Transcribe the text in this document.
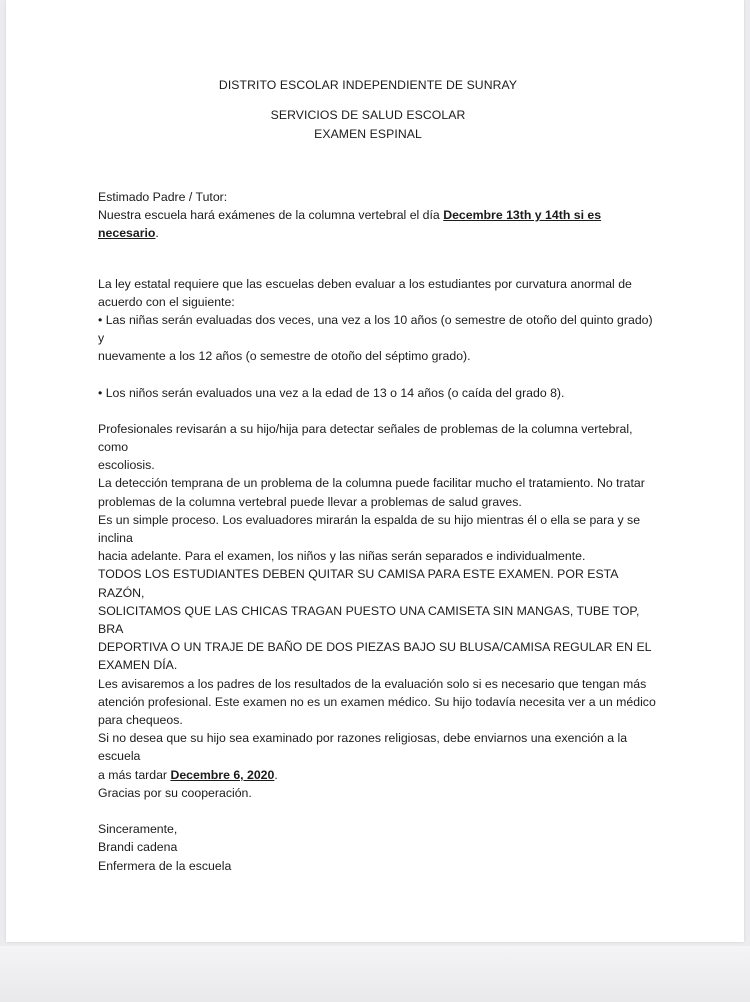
DISTRITO ESCOLAR INDEPENDIENTE DE SUNRAY
SERVICIOS DE SALUD ESCOLAR
EXAMEN ESPINAL

Estimado Padre / Tutor:

Nuestra escuela hará exámenes de la columna vertebral el día Decembre 13th y 14th si es necesario.

La ley estatal requiere que las escuelas deben evaluar a los estudiantes por curvatura anormal de

acuerdo con el siguiente:

• Las niñas serán evaluadas dos veces, una vez a los 10 años (o semestre de otoño del quinto grado) y

nuevamente a los 12 años (o semestre de otoño del séptimo grado).

• Los niños serán evaluados una vez a la edad de 13 o 14 años (o caída del grado 8).

Profesionales revisarán a su hijo/hija para detectar señales de problemas de la columna vertebral, como

escoliosis.

La detección temprana de un problema de la columna puede facilitar mucho el tratamiento. No tratar

problemas de la columna vertebral puede llevar a problemas de salud graves.

Es un simple proceso. Los evaluadores mirarán la espalda de su hijo mientras él o ella se para y se inclina

hacia adelante. Para el examen, los niños y las niñas serán separados e individualmente.

TODOS LOS ESTUDIANTES DEBEN QUITAR SU CAMISA PARA ESTE EXAMEN. POR ESTA RAZÓN,

SOLICITAMOS QUE LAS CHICAS TRAGAN PUESTO UNA CAMISETA SIN MANGAS, TUBE TOP, BRA

DEPORTIVA O UN TRAJE DE BAÑO DE DOS PIEZAS BAJO SU BLUSA/CAMISA REGULAR EN EL EXAMEN DÍA.

Les avisaremos a los padres de los resultados de la evaluación solo si es necesario que tengan más

atención profesional. Este examen no es un examen médico. Su hijo todavía necesita ver a un médico

para chequeos.

Si no desea que su hijo sea examinado por razones religiosas, debe enviarnos una exención a la escuela

a más tardar Decembre 6, 2020.

Gracias por su cooperación.

Sinceramente,

Brandi cadena

Enfermera de la escuela
